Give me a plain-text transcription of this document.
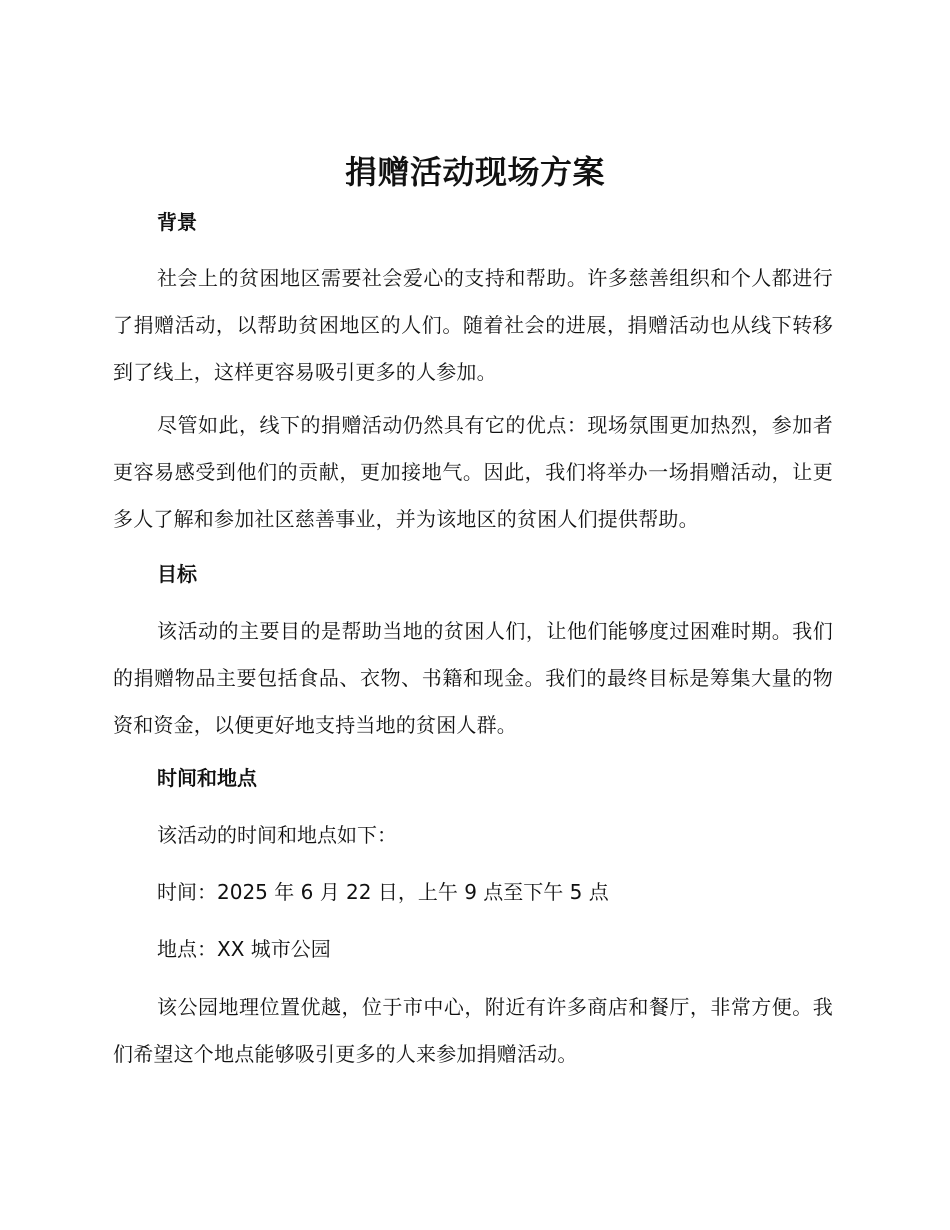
捐赠活动现场方案
背景
社会上的贫困地区需要社会爱心的支持和帮助。许多慈善组织和个人都进行了捐赠活动，以帮助贫困地区的人们。随着社会的进展，捐赠活动也从线下转移到了线上，这样更容易吸引更多的人参加。
尽管如此，线下的捐赠活动仍然具有它的优点：现场氛围更加热烈，参加者更容易感受到他们的贡献，更加接地气。因此，我们将举办一场捐赠活动，让更多人了解和参加社区慈善事业，并为该地区的贫困人们提供帮助。
目标
该活动的主要目的是帮助当地的贫困人们，让他们能够度过困难时期。我们的捐赠物品主要包括食品、衣物、书籍和现金。我们的最终目标是筹集大量的物资和资金，以便更好地支持当地的贫困人群。
时间和地点
该活动的时间和地点如下：
时间：2025 年 6 月 22 日，上午 9 点至下午 5 点
地点：XX 城市公园
该公园地理位置优越，位于市中心，附近有许多商店和餐厅，非常方便。我们希望这个地点能够吸引更多的人来参加捐赠活动。
